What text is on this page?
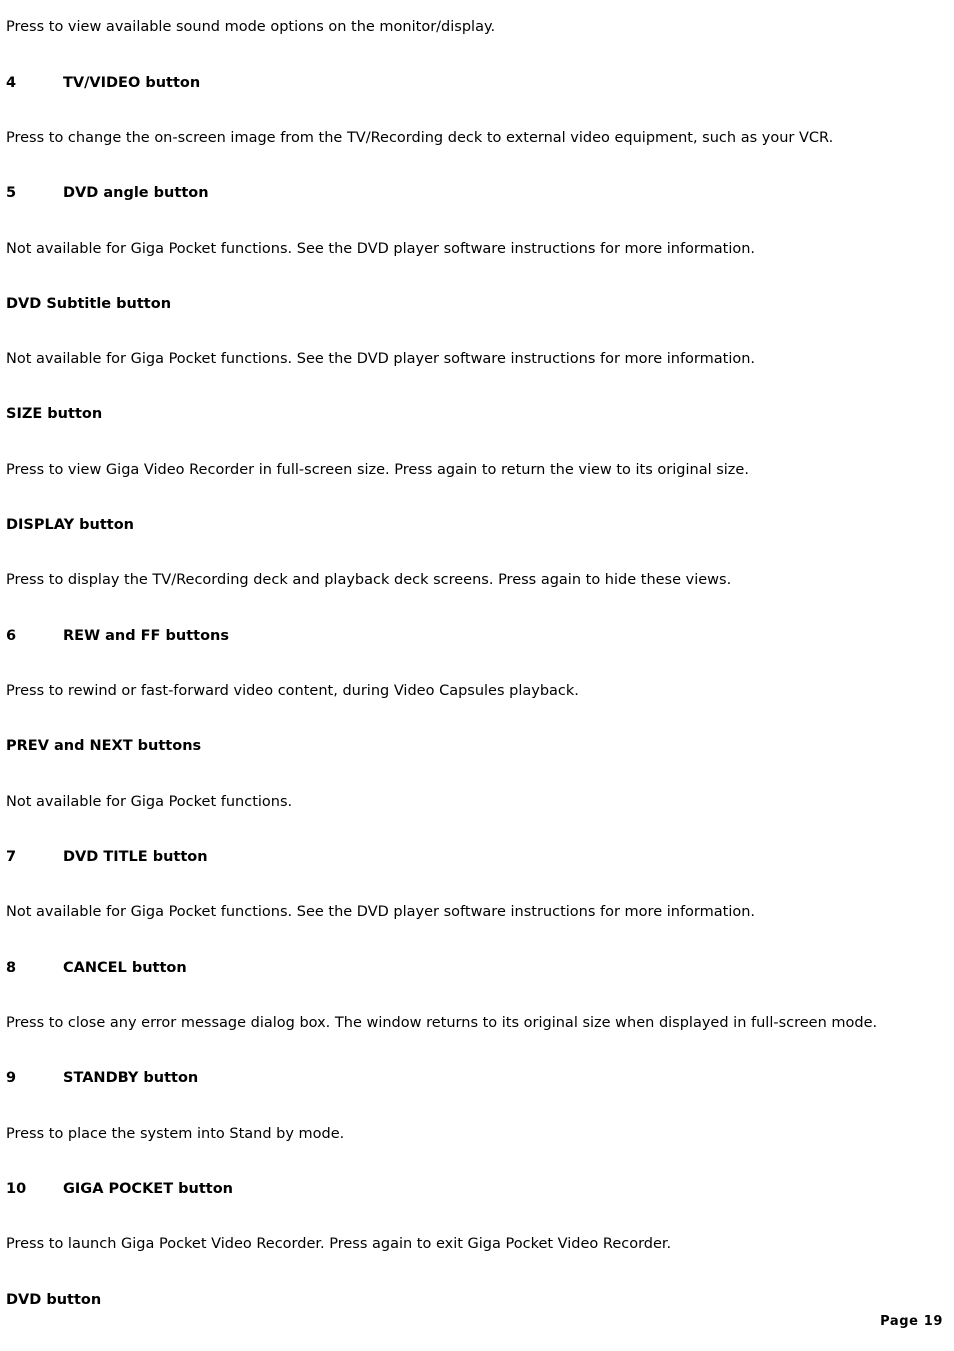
Press to view available sound mode options on the monitor/display.
4	TV/VIDEO button
Press to change the on-screen image from the TV/Recording deck to external video equipment, such as your VCR.
5	DVD angle button
Not available for Giga Pocket functions. See the DVD player software instructions for more information.
DVD Subtitle button
Not available for Giga Pocket functions. See the DVD player software instructions for more information.
SIZE button
Press to view Giga Video Recorder in full-screen size. Press again to return the view to its original size.
DISPLAY button
Press to display the TV/Recording deck and playback deck screens. Press again to hide these views.
6	REW and FF buttons
Press to rewind or fast-forward video content, during Video Capsules playback.
PREV and NEXT buttons
Not available for Giga Pocket functions.
7	DVD TITLE button
Not available for Giga Pocket functions. See the DVD player software instructions for more information.
8	CANCEL button
Press to close any error message dialog box. The window returns to its original size when displayed in full-screen mode.
9	STANDBY button
Press to place the system into Stand by mode.
10	GIGA POCKET button
Press to launch Giga Pocket Video Recorder. Press again to exit Giga Pocket Video Recorder.
DVD button
Page 19
